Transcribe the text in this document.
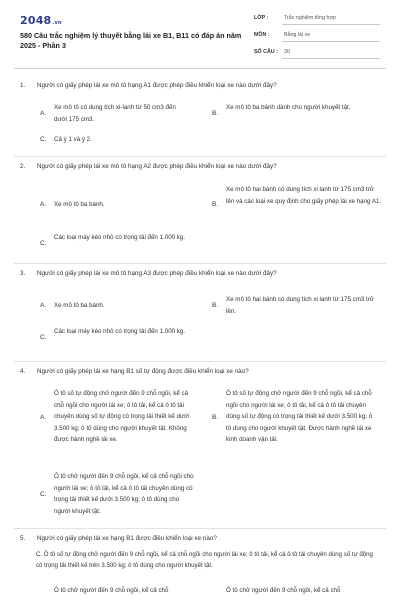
2048.vn
580 Câu trắc nghiệm lý thuyết bằng lái xe B1, B11 có đáp án năm 2025 - Phần 3
LỚP :	Trắc nghiệm tổng hợp
MÔN :	Bằng lái xe
SỐ CÂU :	30
1. Người có giấy phép lái xe mô tô hạng A1 được phép điều khiển loại xe nào dưới đây?
A.
Xe mô tô có dung tích xi-lanh từ 50 cm3 đến dưới 175 cm3.
B.
Xe mô tô ba bánh dành cho người khuyết tật.
C. Cả ý 1 và ý 2.
2. Người có giấy phép lái xe mô tô hạng A2 được phép điều khiển loại xe nào dưới đây?
A. Xe mô tô ba bánh.	B.
Xe mô tô hai bánh có dung tích xi lanh từ 175 cm3 trở lên và các loại xe quy định cho giấy phép lái xe hạng A1.
C.
Các loại máy kéo nhỏ có trọng tải đến 1.000 kg.
3. Người có giấy phép lái xe mô tô hạng A3 được phép điều khiển loại xe nào dưới đây?
A. Xe mô tô ba bánh.	B.
Xe mô tô hai bánh có dung tích xi lanh từ 175 cm3 trở lên.
C.
Các loại máy kéo nhỏ có trọng tải đến 1.000 kg.
4. Người có giấy phép lái xe hạng B1 số tự động được điều khiển loại xe nào?
A.
Ô tô số tự động chở người đến 9 chỗ ngồi, kể cả chỗ ngồi cho người lái xe; ô tô tải, kể cả ô tô tải chuyên dùng số tự động có trọng tải thiết kế dưới 3.500 kg; ô tô dùng cho người khuyết tật. Không được hành nghề lái xe.
B.
Ô tô số tự động chở người đến 9 chỗ ngồi, kể cả chỗ ngồi cho người lái xe; ô tô tải, kể cả ô tô tải chuyên dùng số tự động có trọng tải thiết kế dưới 3.500 kg; ô tô dùng cho người khuyết tật. Được hành nghề lái xe kinh doanh vận tải.
C.
Ô tô chở người đến 9 chỗ ngồi, kể cả chỗ ngồi cho người lái xe; ô tô tải, kể cả ô tô tải chuyên dùng có trọng tải thiết kế dưới 3.500 kg; ô tô dùng cho người khuyết tật.
5. Người có giấy phép lái xe hạng B1 được điều khiển loại xe nào?
C. Ô tô số tự động chở người đến 9 chỗ ngồi, kể cả chỗ ngồi cho người lái xe; ô tô tải, kể cả ô tô tải chuyên dùng số tự động có trọng tải thiết kế trên 3.500 kg; ô tô dùng cho người khuyết tật.
Ô tô chở người đến 9 chỗ ngồi, kể cả chỗ	Ô tô chở người đến 9 chỗ ngồi, kể cả chỗ
